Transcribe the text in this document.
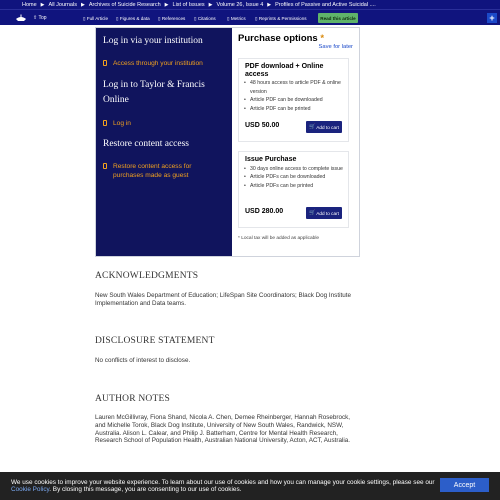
Home ▶ All Journals ▶ Archives of Suicide Research ▶ List of Issues ▶ Volume 26, Issue 4 ▶ Profiles of Passive and Active Suicidal ....
⇧ Top	▯ Full Article ▯ Figures & data ▯ References ▯ Citations ▯ Metrics ▯ Reprints & Permissions	Read this article	+
Log in via your institution
Access through your institution
Log in to Taylor & Francis Online
Log in
Restore content access
Restore content access for purchases made as guest
Purchase options *
Save for later
PDF download + Online access
• 48 hours access to article PDF & online version
• Article PDF can be downloaded
• Article PDF can be printed
USD 50.00	🛒 Add to cart
Issue Purchase
• 30 days online access to complete issue
• Article PDFs can be downloaded
• Article PDFs can be printed
USD 280.00	🛒 Add to cart
* Local tax will be added as applicable
ACKNOWLEDGMENTS
New South Wales Department of Education; LifeSpan Site Coordinators; Black Dog Institute Implementation and Data teams.
DISCLOSURE STATEMENT
No conflicts of interest to disclose.
AUTHOR NOTES
Lauren McGillivray, Fiona Shand, Nicola A. Chen, Demee Rheinberger, Hannah Rosebrock, and Michelle Torok, Black Dog Institute, University of New South Wales, Randwick, NSW, Australia. Alison L. Calear, and Philip J. Batterham, Centre for Mental Health Research, Research School of Population Health, Australian National University, Acton, ACT, Australia.
We use cookies to improve your website experience. To learn about our use of cookies and how you can manage your cookie settings, please see our Cookie Policy. By closing this message, you are consenting to our use of cookies.
Accept
